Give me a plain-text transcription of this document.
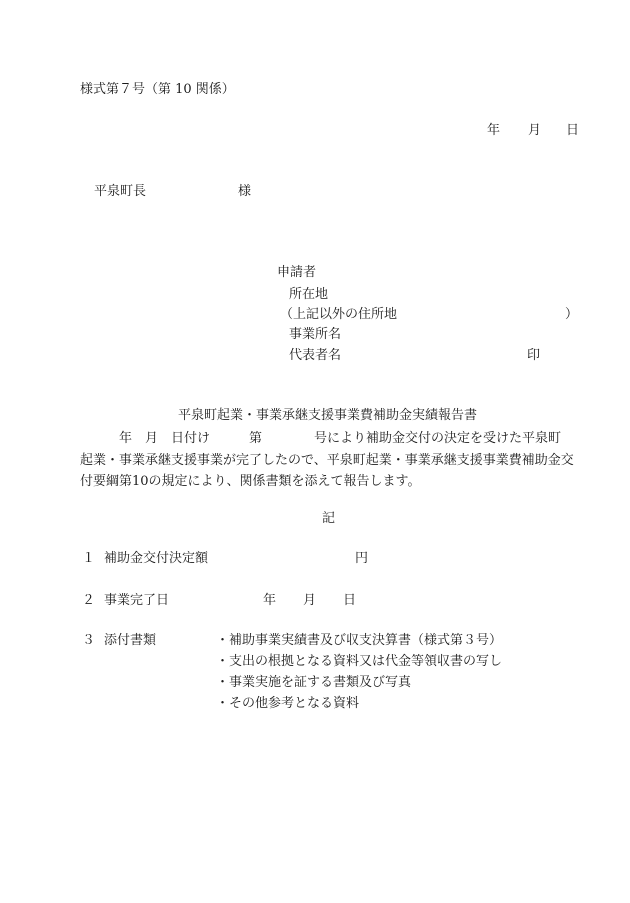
様式第７号（第 10 関係）
年 月 日
平泉町長	様
申請者
所在地
（上記以外の住所地	）
事業所名
代表者名	印
平泉町起業・事業承継支援事業費補助金実績報告書
　　　年　月　日付け　　　第　　　　号により補助金交付の決定を受けた平泉町
起業・事業承継支援事業が完了したので、平泉町起業・事業承継支援事業費補助金交
付要綱第10の規定により、関係書類を添えて報告します。
記
１ 補助金交付決定額	円
２ 事業完了日	年 月 日
３ 添付書類	・補助事業実績書及び収支決算書（様式第３号）
・支出の根拠となる資料又は代金等領収書の写し
・事業実施を証する書類及び写真
・その他参考となる資料
